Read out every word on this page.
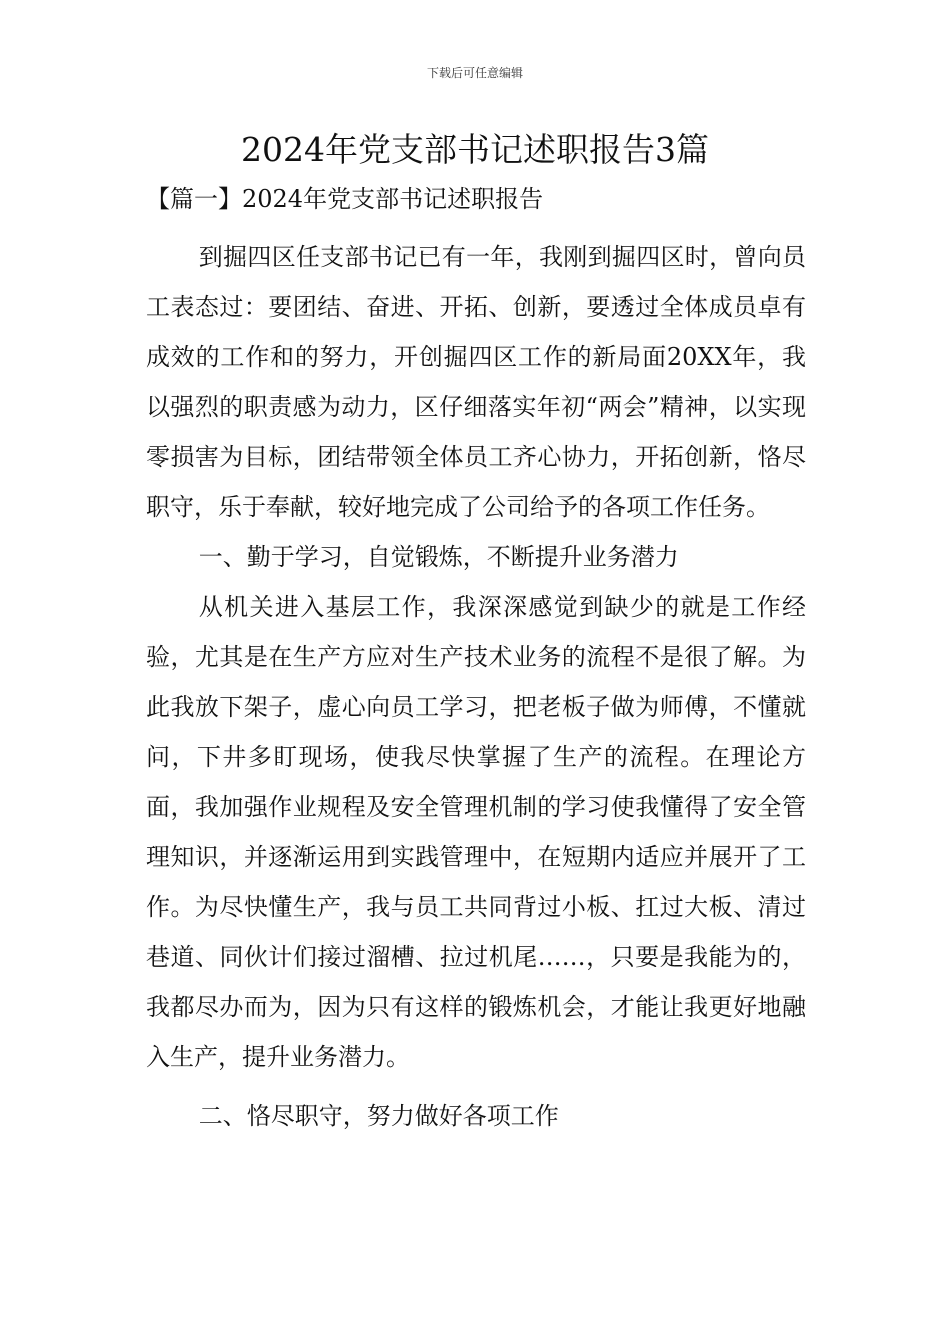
下载后可任意编辑
2024年党支部书记述职报告3篇
【篇一】2024年党支部书记述职报告

到掘四区任支部书记已有一年，我刚到掘四区时，曾向员工表态过：要团结、奋进、开拓、创新，要透过全体成员卓有成效的工作和的努力，开创掘四区工作的新局面20XX年，我以强烈的职责感为动力，区仔细落实年初“两会”精神，以实现零损害为目标，团结带领全体员工齐心协力，开拓创新，恪尽职守，乐于奉献，较好地完成了公司给予的各项工作任务。

一、勤于学习，自觉锻炼，不断提升业务潜力

从机关进入基层工作，我深深感觉到缺少的就是工作经验，尤其是在生产方应对生产技术业务的流程不是很了解。为此我放下架子，虚心向员工学习，把老板子做为师傅，不懂就问，下井多盯现场，使我尽快掌握了生产的流程。在理论方面，我加强作业规程及安全管理机制的学习使我懂得了安全管理知识，并逐渐运用到实践管理中，在短期内适应并展开了工作。为尽快懂生产，我与员工共同背过小板、扛过大板、清过巷道、同伙计们接过溜槽、拉过机尾……，只要是我能为的，我都尽办而为，因为只有这样的锻炼机会，才能让我更好地融入生产，提升业务潜力。

二、恪尽职守，努力做好各项工作
